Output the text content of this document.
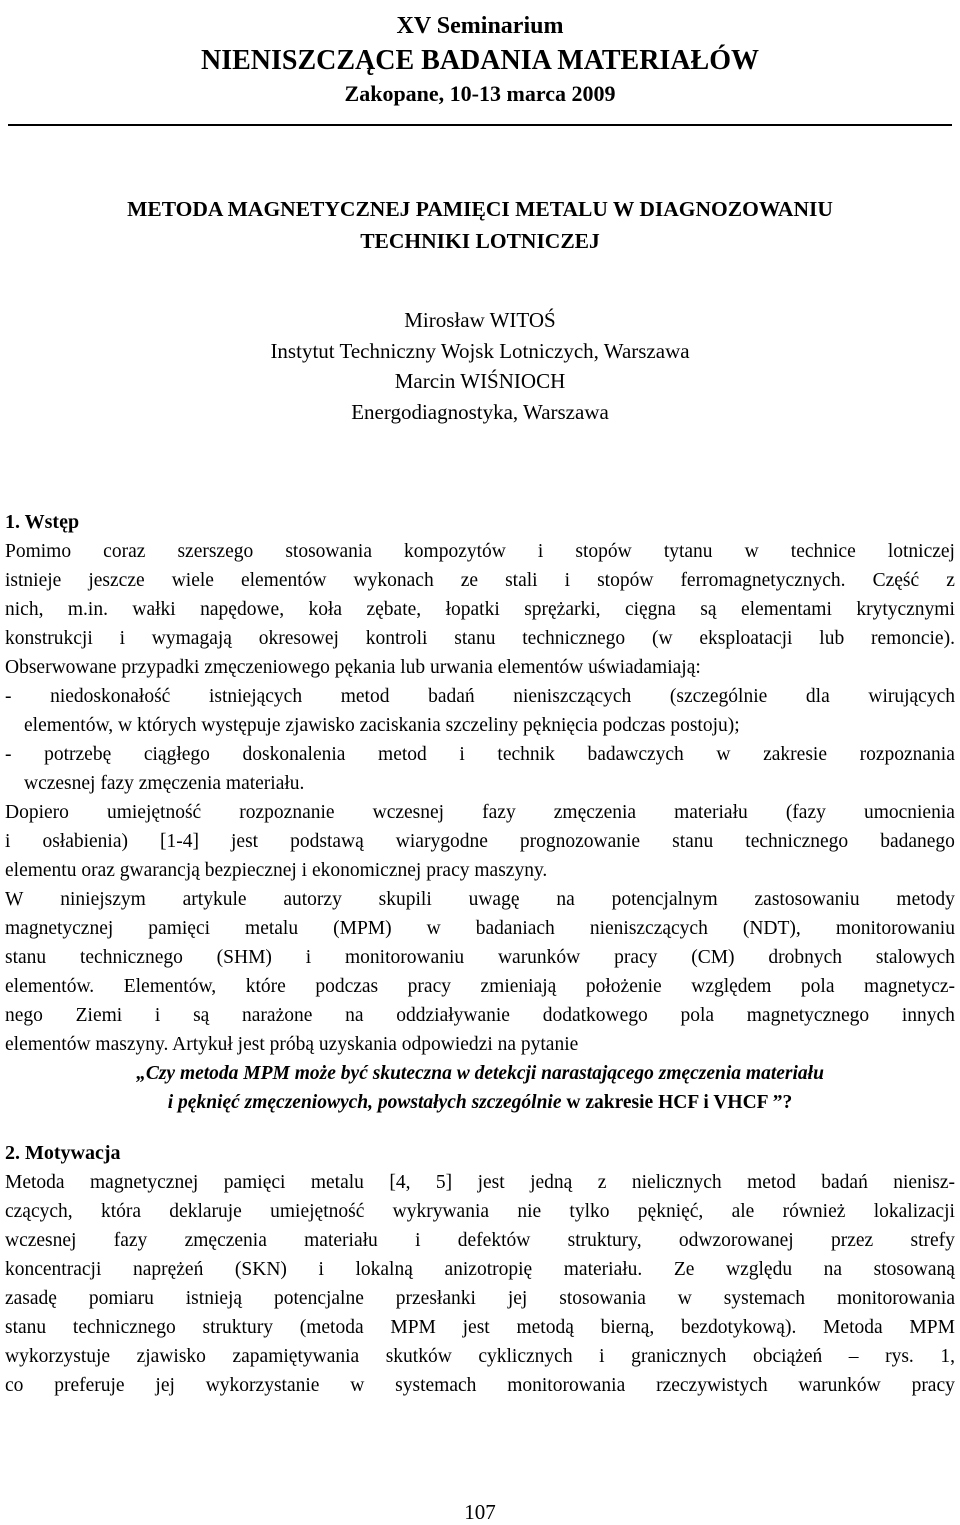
XV Seminarium
NIENISZCZĄCE BADANIA MATERIAŁÓW
Zakopane, 10-13 marca 2009
METODA MAGNETYCZNEJ PAMIĘCI METALU W DIAGNOZOWANIU
TECHNIKI LOTNICZEJ
Mirosław WITOŚ
Instytut Techniczny Wojsk Lotniczych, Warszawa
Marcin WIŚNIOCH
Energodiagnostyka, Warszawa
1. Wstęp
Pomimo coraz szerszego stosowania kompozytów i stopów tytanu w technice lotniczej
istnieje jeszcze wiele elementów wykonach ze stali i stopów ferromagnetycznych. Część z
nich, m.in. wałki napędowe, koła zębate, łopatki sprężarki, cięgna są elementami krytycznymi
konstrukcji i wymagają okresowej kontroli stanu technicznego (w eksploatacji lub remoncie).
Obserwowane przypadki zmęczeniowego pękania lub urwania elementów uświadamiają:
- niedoskonałość istniejących metod badań nieniszczących (szczególnie dla wirujących
elementów, w których występuje zjawisko zaciskania szczeliny pęknięcia podczas postoju);
- potrzebę ciągłego doskonalenia metod i technik badawczych w zakresie rozpoznania
wczesnej fazy zmęczenia materiału.
Dopiero umiejętność rozpoznanie wczesnej fazy zmęczenia materiału (fazy umocnienia
i osłabienia) [1-4] jest podstawą wiarygodne prognozowanie stanu technicznego badanego
elementu oraz gwarancją bezpiecznej i ekonomicznej pracy maszyny.
W niniejszym artykule autorzy skupili uwagę na potencjalnym zastosowaniu metody
magnetycznej pamięci metalu (MPM) w badaniach nieniszczących (NDT), monitorowaniu
stanu technicznego (SHM) i monitorowaniu warunków pracy (CM) drobnych stalowych
elementów. Elementów, które podczas pracy zmieniają położenie względem pola magnetycz-
nego Ziemi i są narażone na oddziaływanie dodatkowego pola magnetycznego innych
elementów maszyny. Artykuł jest próbą uzyskania odpowiedzi na pytanie
„Czy metoda MPM może być skuteczna w detekcji narastającego zmęczenia materiału
i pęknięć zmęczeniowych, powstałych szczególnie w zakresie HCF i VHCF ”?
2. Motywacja
Metoda magnetycznej pamięci metalu [4, 5] jest jedną z nielicznych metod badań nienisz-
czących, która deklaruje umiejętność wykrywania nie tylko pęknięć, ale również lokalizacji
wczesnej fazy zmęczenia materiału i defektów struktury, odwzorowanej przez strefy
koncentracji naprężeń (SKN) i lokalną anizotropię materiału. Ze względu na stosowaną
zasadę pomiaru istnieją potencjalne przesłanki jej stosowania w systemach monitorowania
stanu technicznego struktury (metoda MPM jest metodą bierną, bezdotykową). Metoda MPM
wykorzystuje zjawisko zapamiętywania skutków cyklicznych i granicznych obciążeń – rys. 1,
co preferuje jej wykorzystanie w systemach monitorowania rzeczywistych warunków pracy
107
